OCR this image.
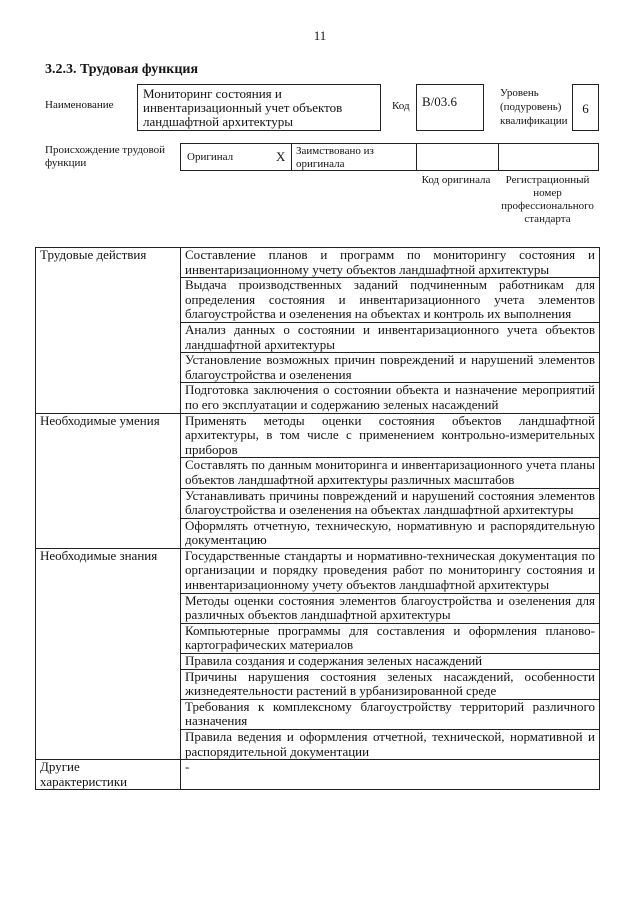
11
3.2.3. Трудовая функция
Наименование
Мониторинг состояния и инвентаризационный учет объектов ландшафтной архитектуры
Код B/03.6
Уровень (подуровень) квалификации
6
Происхождение трудовой функции	Оригинал	X Заимствовано из оригинала
Код оригинала	Регистрационный номер профессионального стандарта
Трудовые действия	Составление планов и программ по мониторингу состояния и инвентаризационному учету объектов ландшафтной архитектуры
	Выдача производственных заданий подчиненным работникам для определения состояния и инвентаризационного учета элементов благоустройства и озеленения на объектах и контроль их выполнения
	Анализ данных о состоянии и инвентаризационного учета объектов ландшафтной архитектуры
	Установление возможных причин повреждений и нарушений элементов благоустройства и озеленения
	Подготовка заключения о состоянии объекта и назначение мероприятий по его эксплуатации и содержанию зеленых насаждений
Необходимые умения	Применять методы оценки состояния объектов ландшафтной архитектуры, в том числе с применением контрольно-измерительных приборов
	Составлять по данным мониторинга и инвентаризационного учета планы объектов ландшафтной архитектуры различных масштабов
	Устанавливать причины повреждений и нарушений состояния элементов благоустройства и озеленения на объектах ландшафтной архитектуры
	Оформлять отчетную, техническую, нормативную и распорядительную документацию
Необходимые знания	Государственные стандарты и нормативно-техническая документация по организации и порядку проведения работ по мониторингу состояния и инвентаризационному учету объектов ландшафтной архитектуры
	Методы оценки состояния элементов благоустройства и озеленения для различных объектов ландшафтной архитектуры
	Компьютерные программы для составления и оформления планово-картографических материалов
	Правила создания и содержания зеленых насаждений
	Причины нарушения состояния зеленых насаждений, особенности жизнедеятельности растений в урбанизированной среде
	Требования к комплексному благоустройству территорий различного назначения
	Правила ведения и оформления отчетной, технической, нормативной и распорядительной документации
Другие характеристики	-
